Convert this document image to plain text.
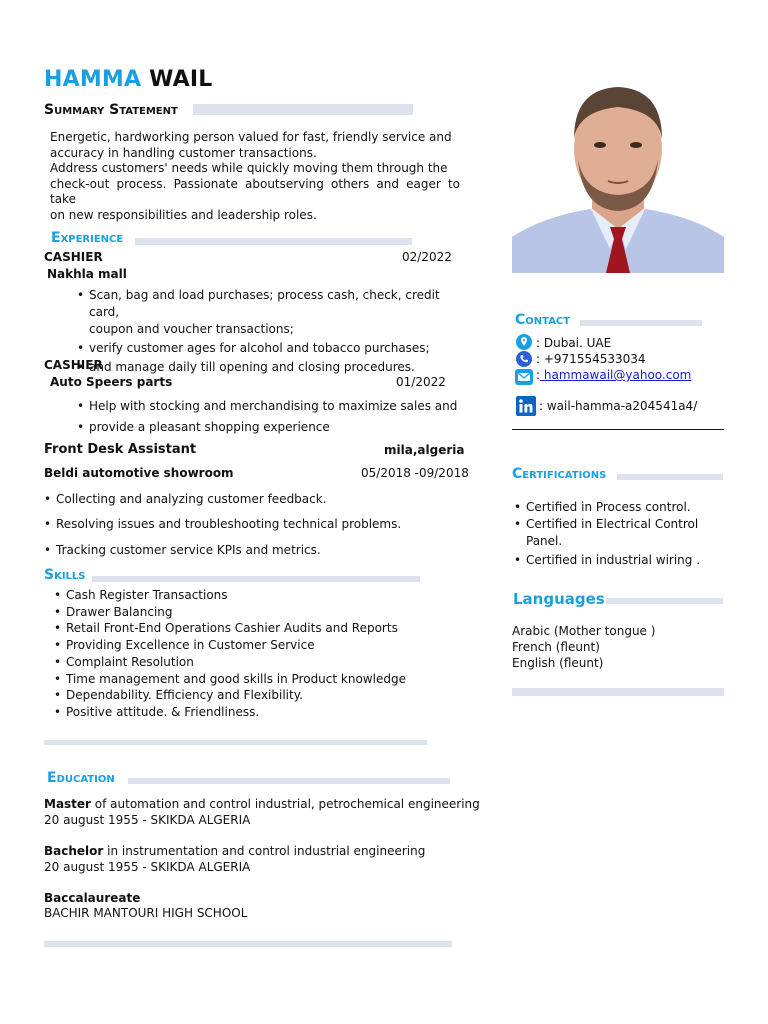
HAMMA WAIL
Summary Statement
Energetic, hardworking person valued for fast, friendly service and
accuracy in handling customer transactions.
Address customers' needs while quickly moving them through the
check-out process. Passionate aboutserving others and eager to take
on new responsibilities and leadership roles.
Experience
CASHIER	02/2022
Nakhla mall
• Scan, bag and load purchases; process cash, check, credit card,
coupon and voucher transactions;
• verify customer ages for alcohol and tobacco purchases;
• and manage daily till opening and closing procedures.
CASHIER
Auto Speers parts	01/2022
• Help with stocking and merchandising to maximize sales and
• provide a pleasant shopping experience
Front Desk Assistant	mila,algeria
Beldi automotive showroom	05/2018 -09/2018
• Collecting and analyzing customer feedback.
• Resolving issues and troubleshooting technical problems.
• Tracking customer service KPIs and metrics.
Skills
• Cash Register Transactions
• Drawer Balancing
• Retail Front-End Operations Cashier Audits and Reports
• Providing Excellence in Customer Service
• Complaint Resolution
• Time management and good skills in Product knowledge
• Dependability. Efficiency and Flexibility.
• Positive attitude. & Friendliness.
Education
Master of automation and control industrial, petrochemical engineering
20 august 1955 - SKIKDA ALGERIA
Bachelor in instrumentation and control industrial engineering
20 august 1955 - SKIKDA ALGERIA
Baccalaureate
BACHIR MANTOURI HIGH SCHOOL
Contact
: Dubai. UAE
: +971554533034
: hammawail@yahoo.com
: wail-hamma-a204541a4/
Certifications
• Certified in Process control.
• Certified in Electrical Control
Panel.
• Certified in industrial wiring .
Languages
Arabic (Mother tongue )
French (fleunt)
English (fleunt)
